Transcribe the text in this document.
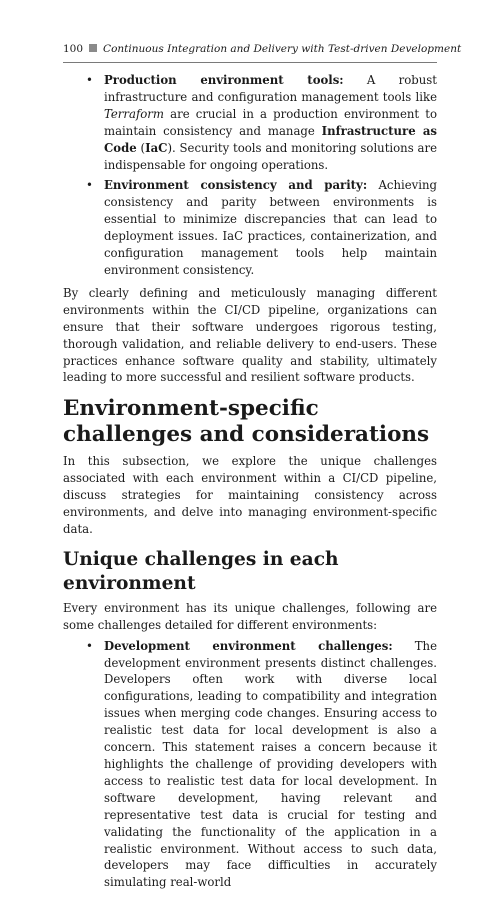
100 Continuous Integration and Delivery with Test-driven Development
• Production environment tools: A robust infrastructure and configuration management tools like Terraform are crucial in a production environment to maintain consistency and manage Infrastructure as Code (IaC). Security tools and monitoring solutions are indispensable for ongoing operations.
• Environment consistency and parity: Achieving consistency and parity between environments is essential to minimize discrepancies that can lead to deployment issues. IaC practices, containerization, and configuration management tools help maintain environment consistency.

By clearly defining and meticulously managing different environments within the CI/CD pipeline, organizations can ensure that their software undergoes rigorous testing, thorough validation, and reliable delivery to end-users. These practices enhance software quality and stability, ultimately leading to more successful and resilient software products.

Environment-specific challenges and considerations

In this subsection, we explore the unique challenges associated with each environment within a CI/CD pipeline, discuss strategies for maintaining consistency across environments, and delve into managing environment-specific data.

Unique challenges in each environment

Every environment has its unique challenges, following are some challenges detailed for different environments:

• Development environment challenges: The development environment presents distinct challenges. Developers often work with diverse local configurations, leading to compatibility and integration issues when merging code changes. Ensuring access to realistic test data for local development is also a concern. This statement raises a concern because it highlights the challenge of providing developers with access to realistic test data for local development. In software development, having relevant and representative test data is crucial for testing and validating the functionality of the application in a realistic environment. Without access to such data, developers may face difficulties in accurately simulating real-world
